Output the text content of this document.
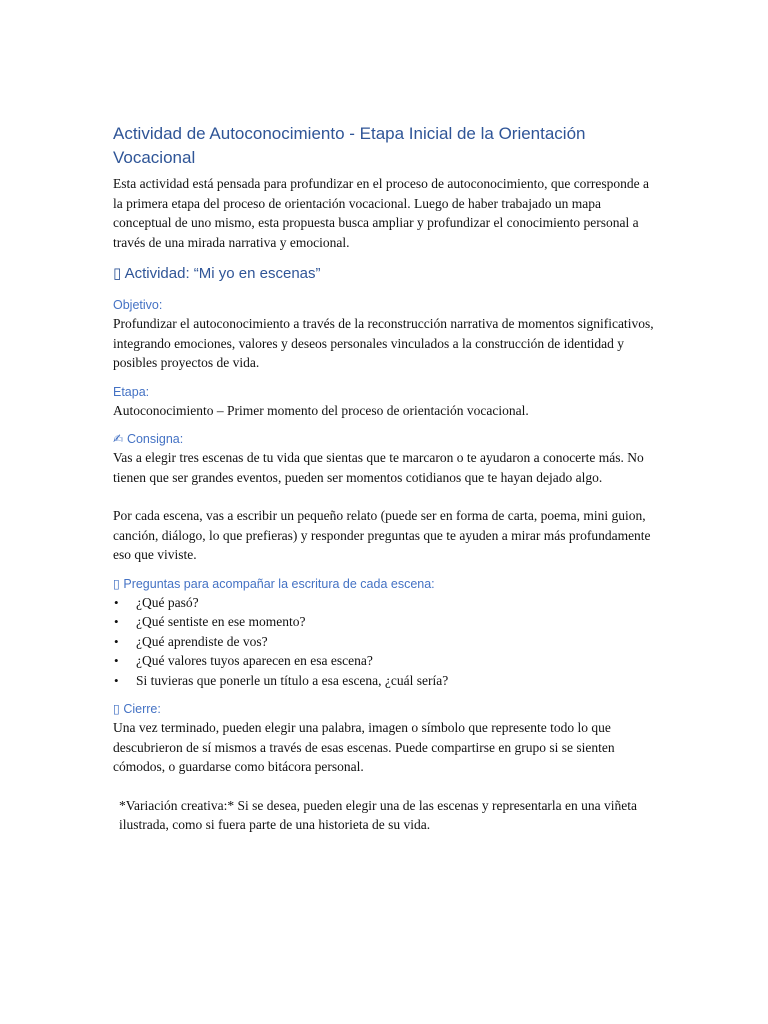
Actividad de Autoconocimiento - Etapa Inicial de la Orientación Vocacional

Esta actividad está pensada para profundizar en el proceso de autoconocimiento, que corresponde a la primera etapa del proceso de orientación vocacional. Luego de haber trabajado un mapa conceptual de uno mismo, esta propuesta busca ampliar y profundizar el conocimiento personal a través de una mirada narrativa y emocional.

▯ Actividad: “Mi yo en escenas”
Objetivo:

Profundizar el autoconocimiento a través de la reconstrucción narrativa de momentos significativos, integrando emociones, valores y deseos personales vinculados a la construcción de identidad y posibles proyectos de vida.

Etapa:

Autoconocimiento – Primer momento del proceso de orientación vocacional.

✍ Consigna:

Vas a elegir tres escenas de tu vida que sientas que te marcaron o te ayudaron a conocerte más. No tienen que ser grandes eventos, pueden ser momentos cotidianos que te hayan dejado algo.

Por cada escena, vas a escribir un pequeño relato (puede ser en forma de carta, poema, mini guion, canción, diálogo, lo que prefieras) y responder preguntas que te ayuden a mirar más profundamente eso que viviste.

▯ Preguntas para acompañar la escritura de cada escena:
• ¿Qué pasó?
• ¿Qué sentiste en ese momento?
• ¿Qué aprendiste de vos?
• ¿Qué valores tuyos aparecen en esa escena?
• Si tuvieras que ponerle un título a esa escena, ¿cuál sería?
▯ Cierre:

Una vez terminado, pueden elegir una palabra, imagen o símbolo que represente todo lo que descubrieron de sí mismos a través de esas escenas. Puede compartirse en grupo si se sienten cómodos, o guardarse como bitácora personal.

*Variación creativa:* Si se desea, pueden elegir una de las escenas y representarla en una viñeta ilustrada, como si fuera parte de una historieta de su vida.
